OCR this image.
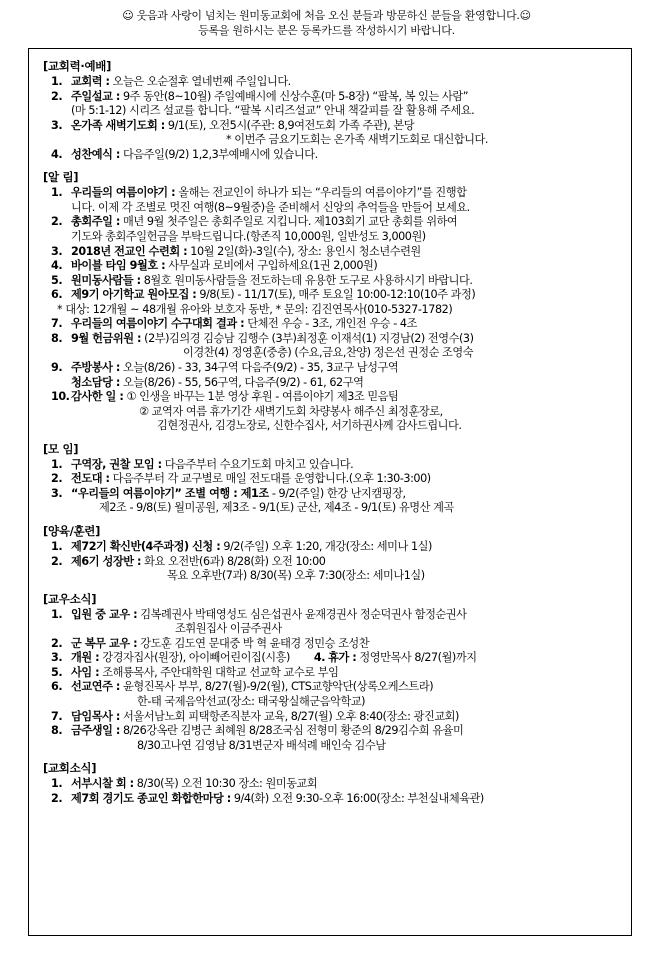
☺ 웃음과 사랑이 넘치는 원미동교회에 처음 오신 분들과 방문하신 분들을 환영합니다.☺
등록을 원하시는 분은 등록카드를 작성하시기 바랍니다.
[교회력·예배]
1. 교회력 : 오늘은 오순절후 열네번째 주일입니다.
2. 주일설교 : 9주 동안(8~10월) 주일예배시에 신상수훈(마 5-8장) “팔복, 복 있는 사람”
(마 5:1-12) 시리즈 설교를 합니다. “팔복 시리즈설교” 안내 책갈피를 잘 활용해 주세요.
3. 온가족 새벽기도회 : 9/1(토), 오전5시(주관: 8,9여전도회 가족 주관), 본당
* 이번주 금요기도회는 온가족 새벽기도회로 대신합니다.
4. 성찬예식 : 다음주일(9/2) 1,2,3부예배시에 있습니다.
[알 림]
1. 우리들의 여름이야기 : 올해는 전교인이 하나가 되는 “우리들의 여름이야기”를 진행합
니다. 이제 각 조별로 멋진 여행(8~9월중)을 준비해서 신앙의 추억들을 만들어 보세요.
2. 총회주일 : 매년 9월 첫주일은 총회주일로 지킵니다. 제103회기 교단 총회를 위하여
기도와 총회주일헌금을 부탁드립니다.(항존직 10,000원, 일반성도 3,000원)
3. 2018년 전교인 수련회 : 10월 2일(화)-3일(수), 장소: 용인시 청소년수련원
4. 바이블 타임 9월호 : 사무실과 로비에서 구입하세요(1권 2,000원)
5. 원미동사람들 : 8월호 원미동사람들을 전도하는데 유용한 도구로 사용하시기 바랍니다.
6. 제9기 아기학교 원아모집 : 9/8(토) - 11/17(토), 매주 토요일 10:00-12:10(10주 과정)
* 대상: 12개월 ~ 48개월 유아와 보호자 동반, * 문의: 김진연목사(010-5327-1782)
7. 우리들의 여름이야기 수구대회 결과 : 단체전 우승 - 3조, 개인전 우승 - 4조
8. 9월 헌금위원 : (2부)김의경 김승남 김행수 (3부)최정훈 이재석(1) 지경남(2) 전영수(3)
이경찬(4) 정영훈(중층) (수요,금요,찬양) 정은선 권정순 조영숙
9. 주방봉사 : 오늘(8/26) - 33, 34구역 다음주(9/2) - 35, 3교구 남성구역
청소담당 : 오늘(8/26) - 55, 56구역, 다음주(9/2) - 61, 62구역
10. 감사한 일 : ① 인생을 바꾸는 1분 영상 후원 - 여름이야기 제3조 믿음팀
② 교역자 여름 휴가기간 새벽기도회 차량봉사 해주신 최정훈장로,
김현정권사, 김경노장로, 신한수집사, 서기하권사께 감사드립니다.
[모 임]
1. 구역장, 권찰 모임 : 다음주부터 수요기도회 마치고 있습니다.
2. 전도대 : 다음주부터 각 교구별로 매일 전도대를 운영합니다.(오후 1:30-3:00)
3. “우리들의 여름이야기” 조별 여행 : 제1조 - 9/2(주일) 한강 난지캠핑장,
제2조 - 9/8(토) 월미공원, 제3조 - 9/1(토) 군산, 제4조 - 9/1(토) 유명산 계곡
[양육/훈련]
1. 제72기 확신반(4주과정) 신청 : 9/2(주일) 오후 1:20, 개강(장소: 세미나 1실)
2. 제6기 성장반 : 화요 오전반(6과) 8/28(화) 오전 10:00
목요 오후반(7과) 8/30(목) 오후 7:30(장소: 세미나1실)
[교우소식]
1. 입원 중 교우 : 김복례권사 박태영성도 심은섭권사 윤재경권사 정순덕권사 함정순권사
조휘원집사 이금주권사
2. 군 복무 교우 : 강도훈 김도연 문대중 박 혁 윤태경 정민승 조성찬
3. 개원 : 강경자집사(원장), 아이빼어린이집(시흥) 4. 휴가 : 정영만목사 8/27(월)까지
5. 사임 : 조해룡목사, 주안대학원 대학교 선교학 교수로 부임
6. 선교연주 : 윤형진목사 부부, 8/27(월)-9/2(월), CTS교향악단(상록오케스트라)
한-태 국제음악선교(장소: 태국왕실해군음악학교)
7. 담임목사 : 서울서남노회 피택항존직분자 교육, 8/27(월) 오후 8:40(장소: 광진교회)
8. 금주생일 : 8/26강옥란 김병근 최혜원 8/28조국심 전형미 황준의 8/29김수희 유율미
8/30고나연 김영남 8/31변군자 배석례 배인숙 김수남
[교회소식]
1. 서부시찰 회 : 8/30(목) 오전 10:30 장소: 원미동교회
2. 제7회 경기도 종교인 화합한마당 : 9/4(화) 오전 9:30-오후 16:00(장소: 부천실내체육관)
